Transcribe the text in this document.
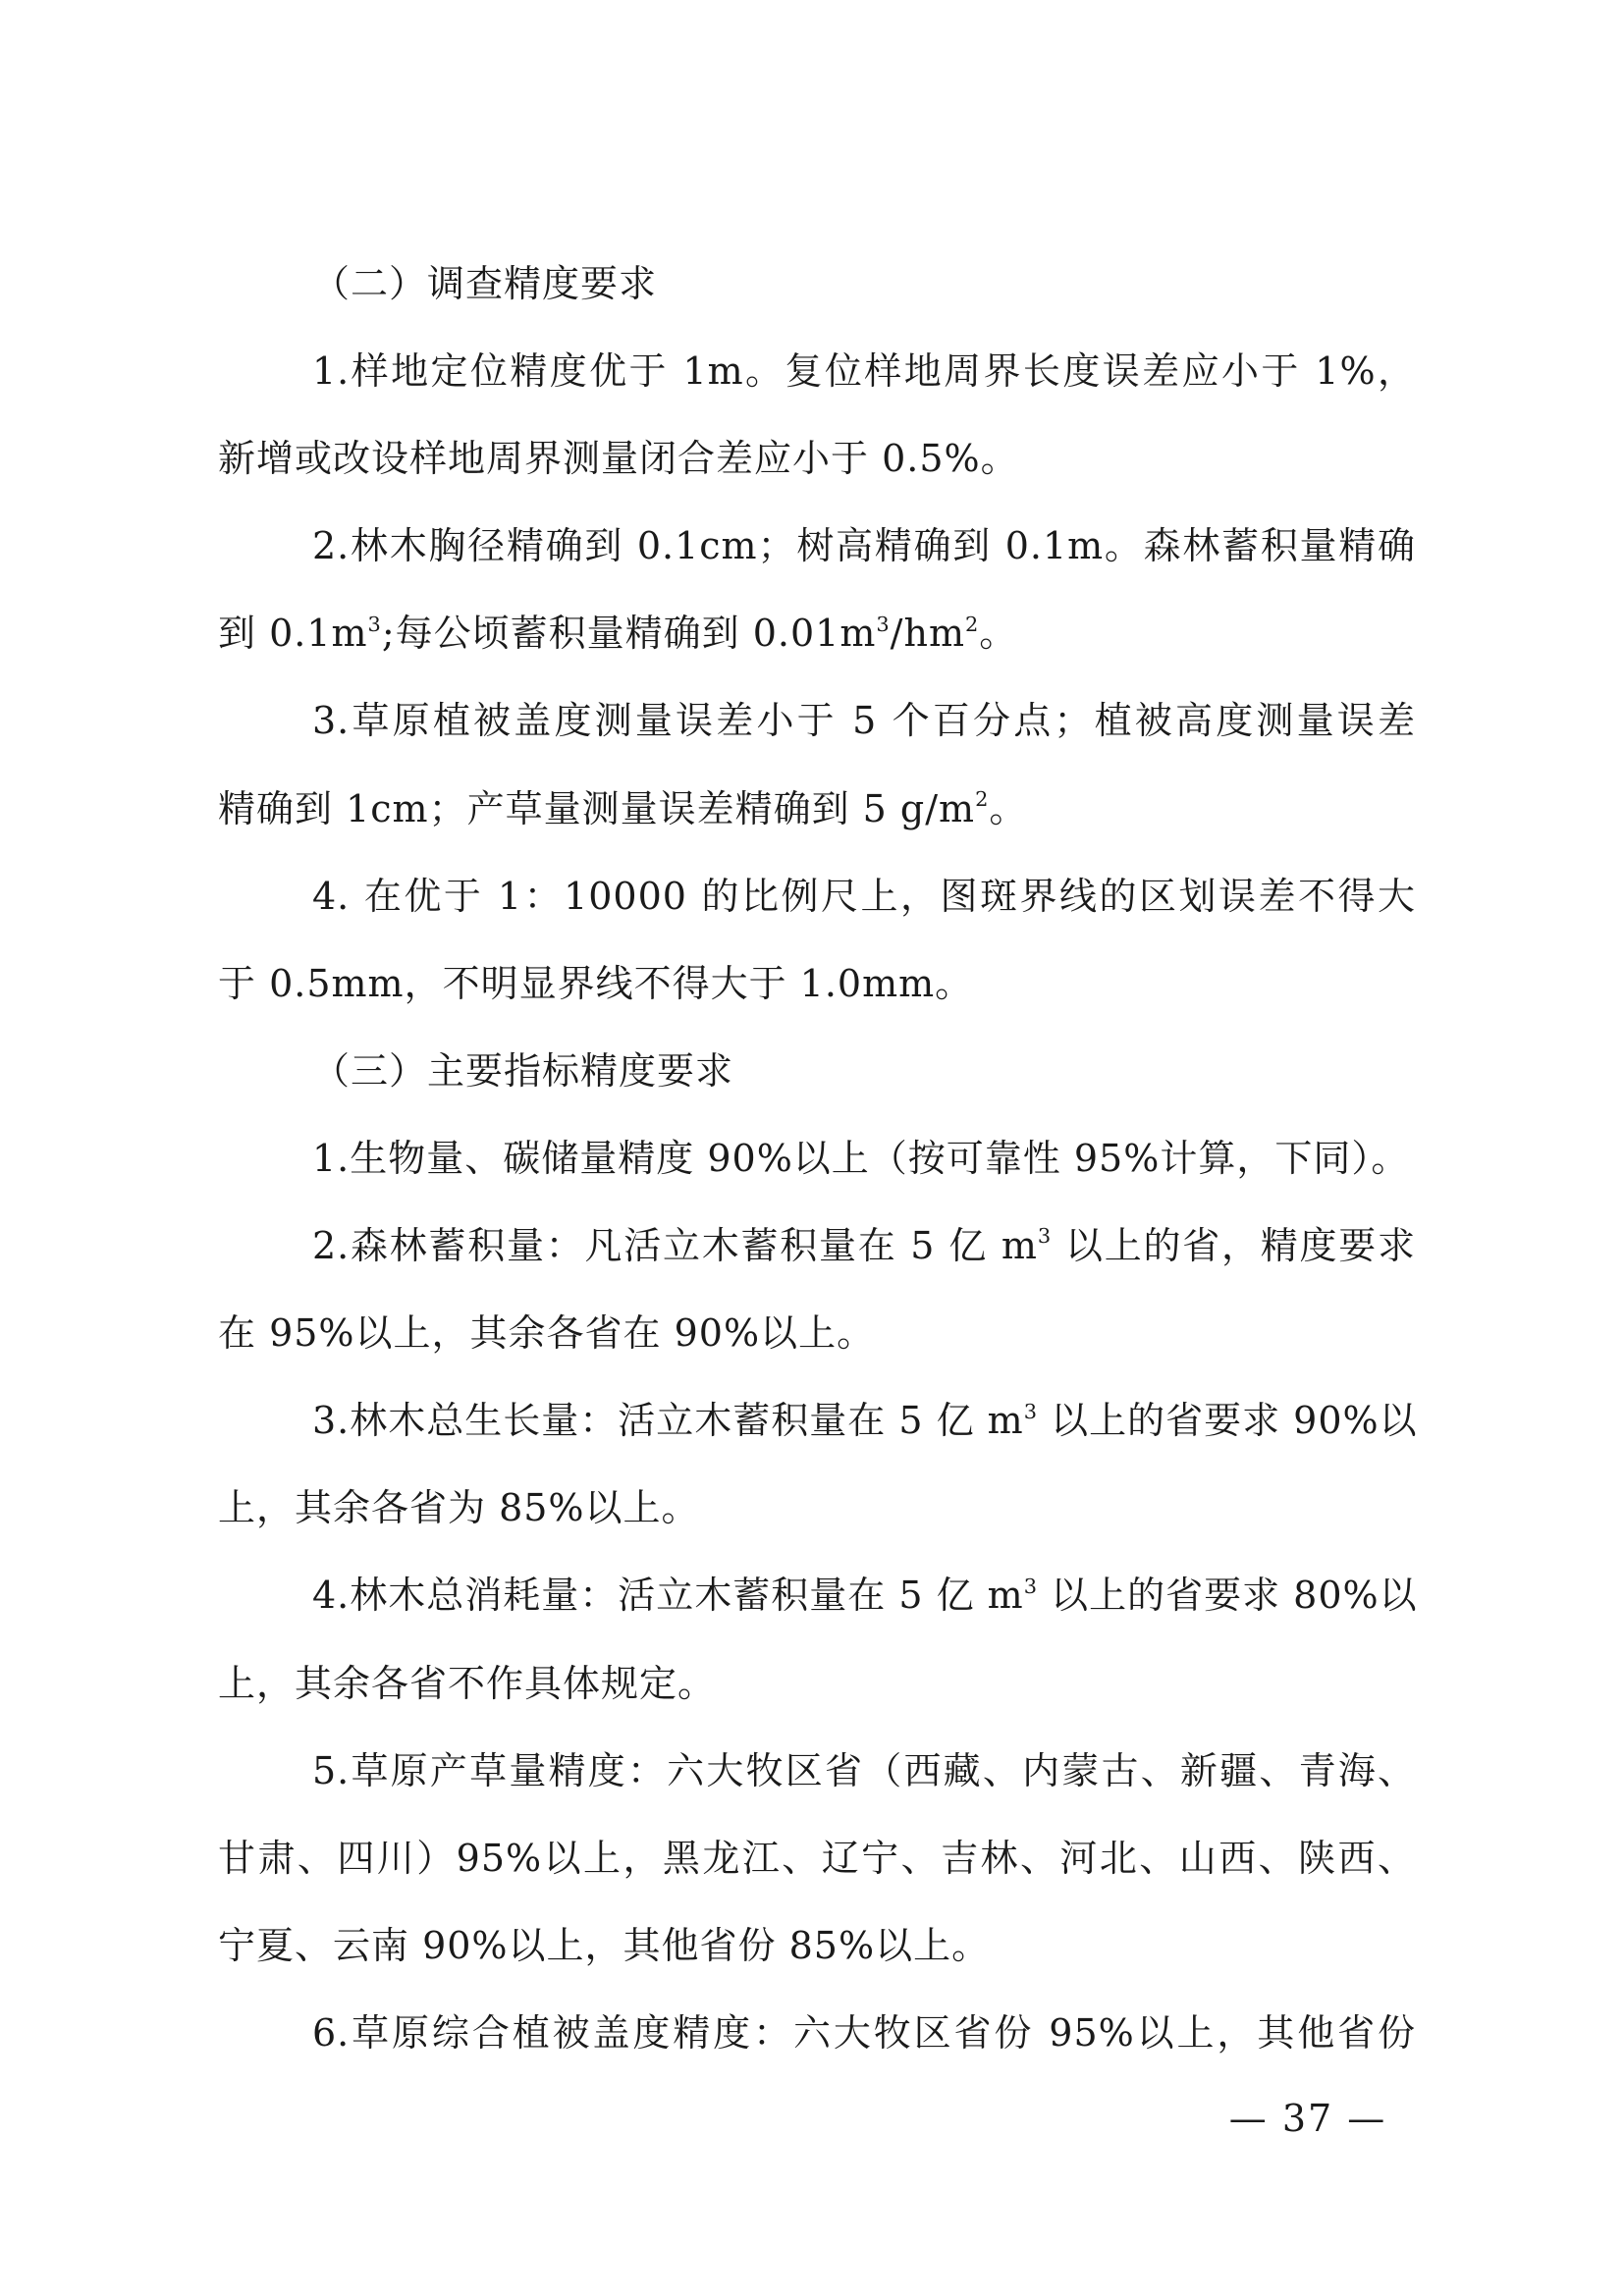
（二）调查精度要求
1.样地定位精度优于 1m。复位样地周界长度误差应小于 1%，
新增或改设样地周界测量闭合差应小于 0.5%。
2.林木胸径精确到 0.1cm；树高精确到 0.1m。森林蓄积量精确
到 $0.1m^3$;每公顷蓄积量精确到 $0.01m^3/hm^2$。
3.草原植被盖度测量误差小于 5 个百分点；植被高度测量误差
精确到 1cm；产草量测量误差精确到 5 $g/m^2$。
4. 在优于 1：10000 的比例尺上，图斑界线的区划误差不得大
于 0.5mm，不明显界线不得大于 1.0mm。
（三）主要指标精度要求
1.生物量、碳储量精度 90%以上（按可靠性 95%计算，下同）。
2.森林蓄积量：凡活立木蓄积量在 5 亿 $m^3$ 以上的省，精度要求
在 95%以上，其余各省在 90%以上。
3.林木总生长量：活立木蓄积量在 5 亿 $m^3$ 以上的省要求 90%以
上，其余各省为 85%以上。
4.林木总消耗量：活立木蓄积量在 5 亿 $m^3$ 以上的省要求 80%以
上，其余各省不作具体规定。
5.草原产草量精度：六大牧区省（西藏、内蒙古、新疆、青海、
甘肃、四川）95%以上，黑龙江、辽宁、吉林、河北、山西、陕西、
宁夏、云南 90%以上，其他省份 85%以上。
6.草原综合植被盖度精度：六大牧区省份 95%以上，其他省份
— 37 —
